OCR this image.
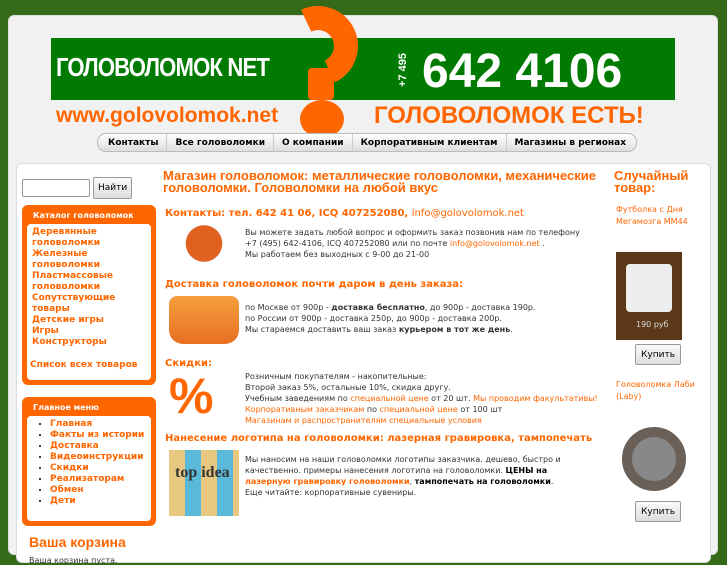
ГОЛОВОЛОМОК NET	+7 495 642 4106
www.golovolomok.net	ГОЛОВОЛОМОК ЕСТЬ!
Контакты	Все головоломки	О компании	Корпоративным клиентам	Магазины в регионах
Найти
Каталог головоломок
Деревянные головоломки
Железные головоломки
Пластмассовые головоломки
Сопутствующие товары
Детские игры
Игры
Конструкторы
Список всех товаров
Главное меню
• Главная
• Факты из истории
• Доставка
• Видеоинструкции
• Скидки
• Реализаторам
• Обмен
• Дети
Ваша корзина

Ваша корзина пуста.

Магазин головоломок: металлические головоломки, механические головоломки. Головоломки на любой вкус
Контакты: тел. 642 41 06, ICQ 407252080, info@golovolomok.net
Вы можете задать любой вопрос и оформить заказ позвонив нам по телефону
+7 (495) 642-4106, ICQ 407252080 или по почте info@golovolomok.net .
Мы работаем без выходных с 9-00 до 21-00
Доставка головоломок почти даром в день заказа:
по Москве от 900р - доставка бесплатно, до 900р - доставка 190р.
по России от 900р - доставка 250р, до 900р - доставка 200р.
Мы стараемся доставить ваш заказ курьером в тот же день.
Скидки:
%	Розничным покупателям - накопительные:
Второй заказ 5%, остальные 10%, скидка другу.
Учебным заведениям по специальной цене от 20 шт. Мы проводим факультативы!
Корпоративным заказчикам по специальной цене от 100 шт
Магазинам и распространителям специальные условия
Нанесение логотипа на головоломки: лазерная гравировка, тампопечать
top idea
Мы наносим на наши головоломки логотипы заказчика. дешево, быстро и качественно. примеры нанесения логотипа на головоломки. ЦЕНЫ на лазерную гравировку головоломки, тампопечать на головоломки.
Еще читайте: корпоративные сувениры.
Случайный товар:
Футболка с Дня Мегамозга ММ44
190 руб
Купить
Головоломка Лаби (Laby)
Купить
